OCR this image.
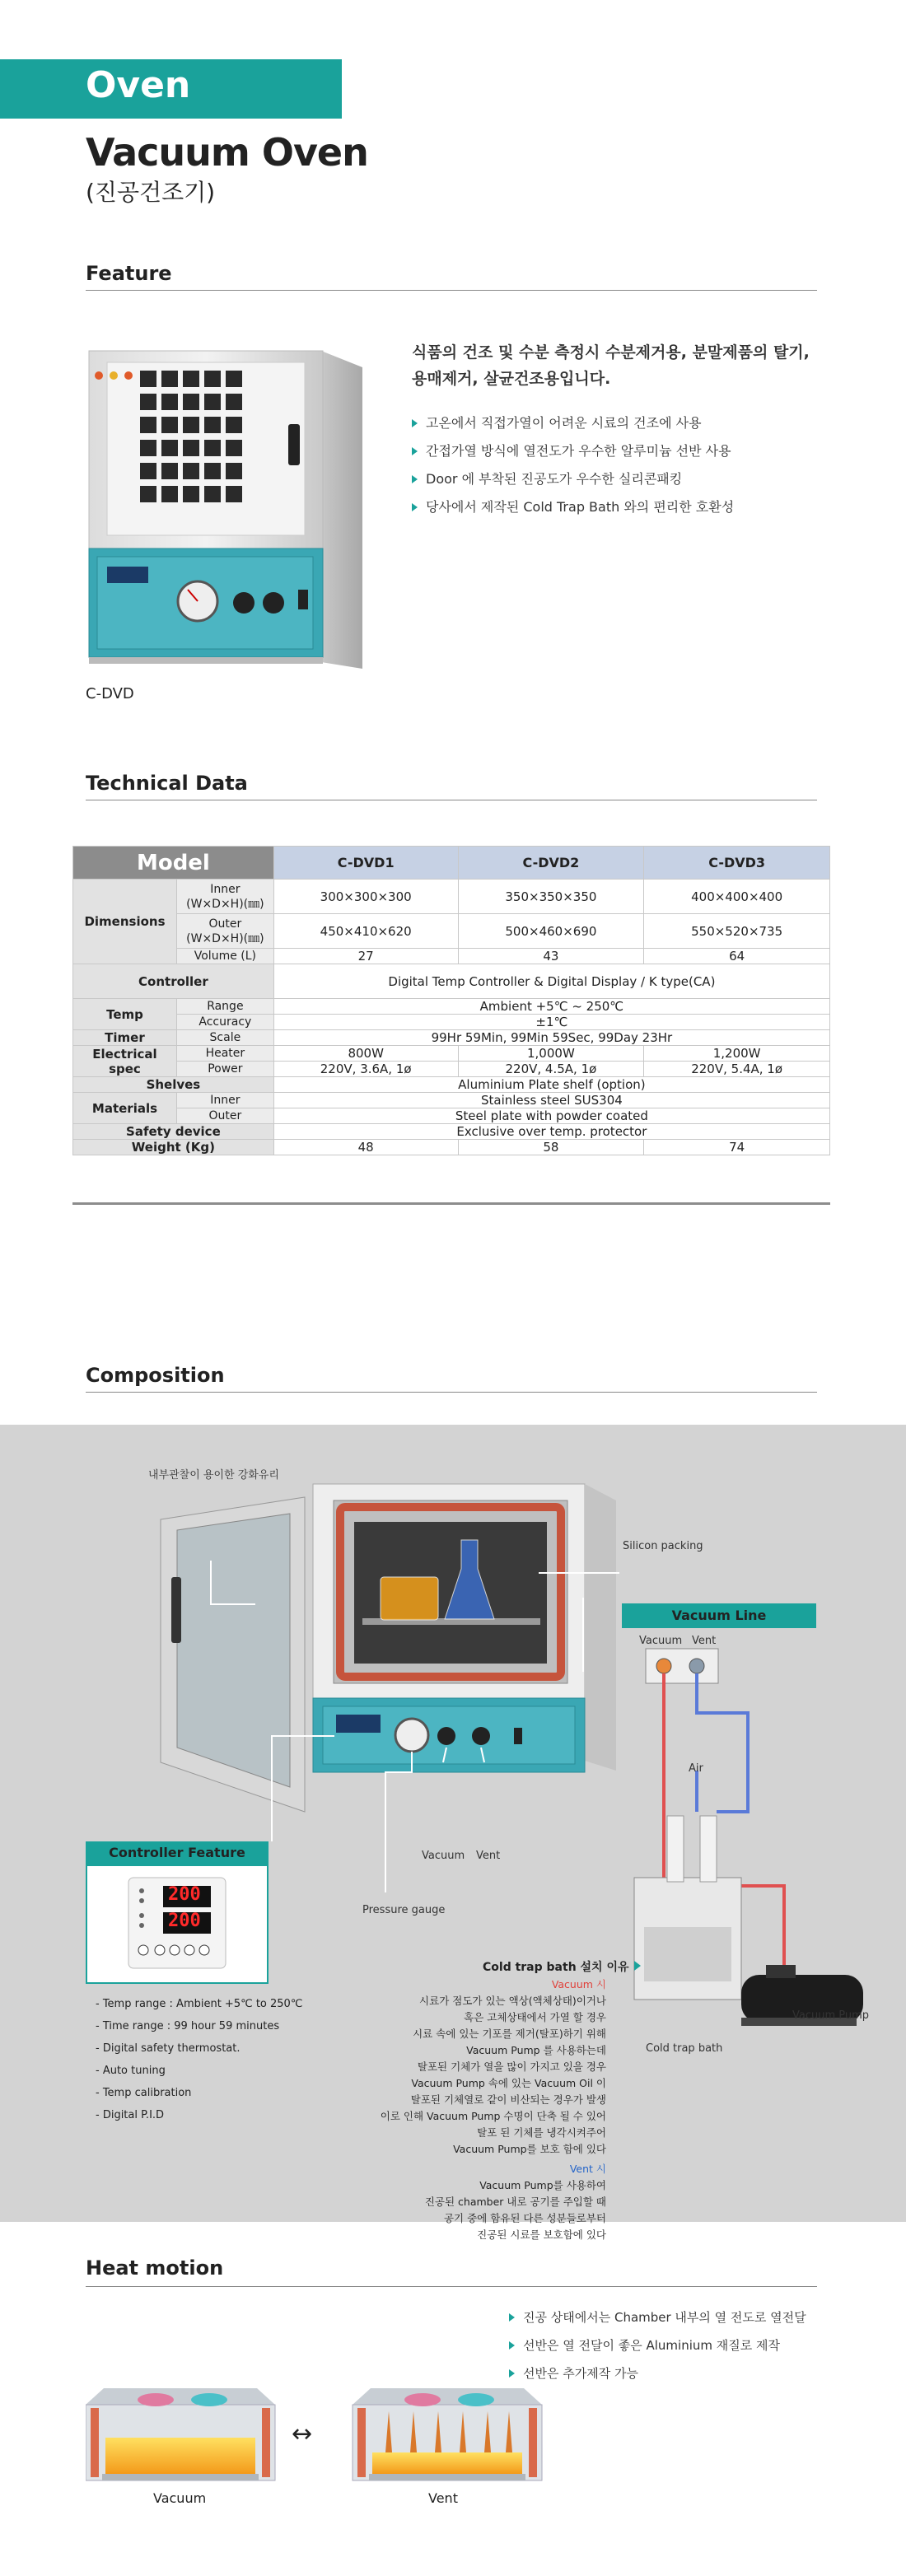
Oven
Vacuum Oven
(진공건조기)
Feature
C-DVD
식품의 건조 및 수분 측정시 수분제거용, 분말제품의 탈기, 용매제거, 살균건조용입니다.
고온에서 직접가열이 어려운 시료의 건조에 사용
간접가열 방식에 열전도가 우수한 알루미늄 선반 사용
Door 에 부착된 진공도가 우수한 실리콘패킹
당사에서 제작된 Cold Trap Bath 와의 편리한 호환성
Technical Data
Model		C-DVD1	C-DVD2	C-DVD3
Dimensions	Inner
(W×D×H)(㎜)	300×300×300	350×350×350	400×400×400
	Outer
(W×D×H)(㎜)	450×410×620	500×460×690	550×520×735
	Volume (L)	27	43	64
Controller		Digital Temp Controller & Digital Display / K type(CA)		
Temp	Range	Ambient +5℃ ~ 250℃		
	Accuracy	±1℃		
Timer	Scale	99Hr 59Min, 99Min 59Sec, 99Day 23Hr		
Electrical spec	Heater	800W	1,000W	1,200W
	Power	220V, 3.6A, 1ø	220V, 4.5A, 1ø	220V, 5.4A, 1ø
Shelves		Aluminium Plate shelf (option)		
Materials	Inner	Stainless steel SUS304		
	Outer	Steel plate with powder coated		
Safety device		Exclusive over temp. protector		
Weight (Kg)		48	58	74
Composition
내부관찰이 용이한 강화유리
Silicon packing
Vacuum Line
Vacuum Vent
Air
Vacuum Vent
Pressure gauge
Cold trap bath
Vacuum Pump
Controller Feature
200
200
- Temp range : Ambient +5℃ to 250℃
- Time range : 99 hour 59 minutes
- Digital safety thermostat.
- Auto tuning
- Temp calibration
- Digital P.I.D
Cold trap bath 설치 이유
Vacuum 시
시료가 점도가 있는 액상(액체상태)이거나
혹은 고체상태에서 가열 할 경우
시료 속에 있는 기포를 제거(탈포)하기 위해
Vacuum Pump 를 사용하는데
탈포된 기체가 열을 많이 가지고 있을 경우
Vacuum Pump 속에 있는 Vacuum Oil 이
탈포된 기체열로 같이 비산되는 경우가 발생
이로 인해 Vacuum Pump 수명이 단축 될 수 있어
탈포 된 기체를 냉각시켜주어
Vacuum Pump를 보호 함에 있다
Vent 시
Vacuum Pump를 사용하여
진공된 chamber 내로 공기를 주입할 때
공기 중에 함유된 다른 성분들로부터
진공된 시료를 보호함에 있다
Heat motion
진공 상태에서는 Chamber 내부의 열 전도로 열전달
선반은 열 전달이 좋은 Aluminium 재질로 제작
선반은 추가제작 가능
↔
Vacuum	Vent
